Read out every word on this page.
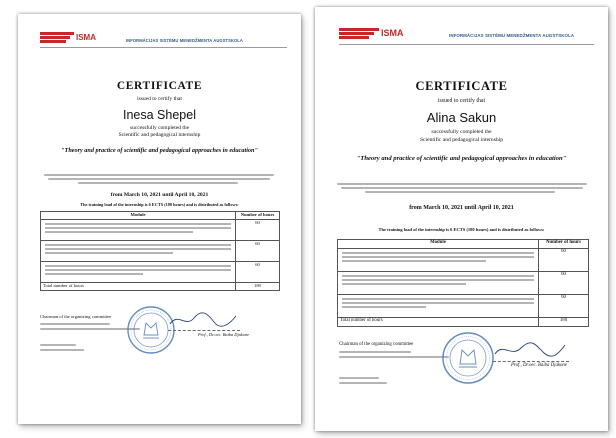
ISMA	INFORMĀCIJAS SISTĒMU MENEDŽMENTA AUGSTSKOLA
CERTIFICATE
issued to certify that
Inesa Shepel
successfully completed the
Scientific and pedagogical internship
"Theory and practice of scientific and pedagogical approaches in education"
from March 10, 2021 until April 10, 2021
The training load of the internship is 6 ECTS (180 hours) and is distributed as follows:
Module	Number of hours

	60

	60

	60
Total number of hours	180
Chairman of the organizing committee
Prof., Dr.oec. Baiba Djakone
ISMA	INFORMĀCIJAS SISTĒMU MENEDŽMENTA AUGSTSKOLA
CERTIFICATE
issued to certify that
Alina Sakun
successfully completed the
Scientific and pedagogical internship
"Theory and practice of scientific and pedagogical approaches in education"
from March 10, 2021 until April 10, 2021
The training load of the internship is 6 ECTS (180 hours) and is distributed as follows:
Module	Number of hours

	60

	60

	60
Total number of hours	180
Chairman of the organizing committee
Prof., Dr.oec. Baiba Djakone
